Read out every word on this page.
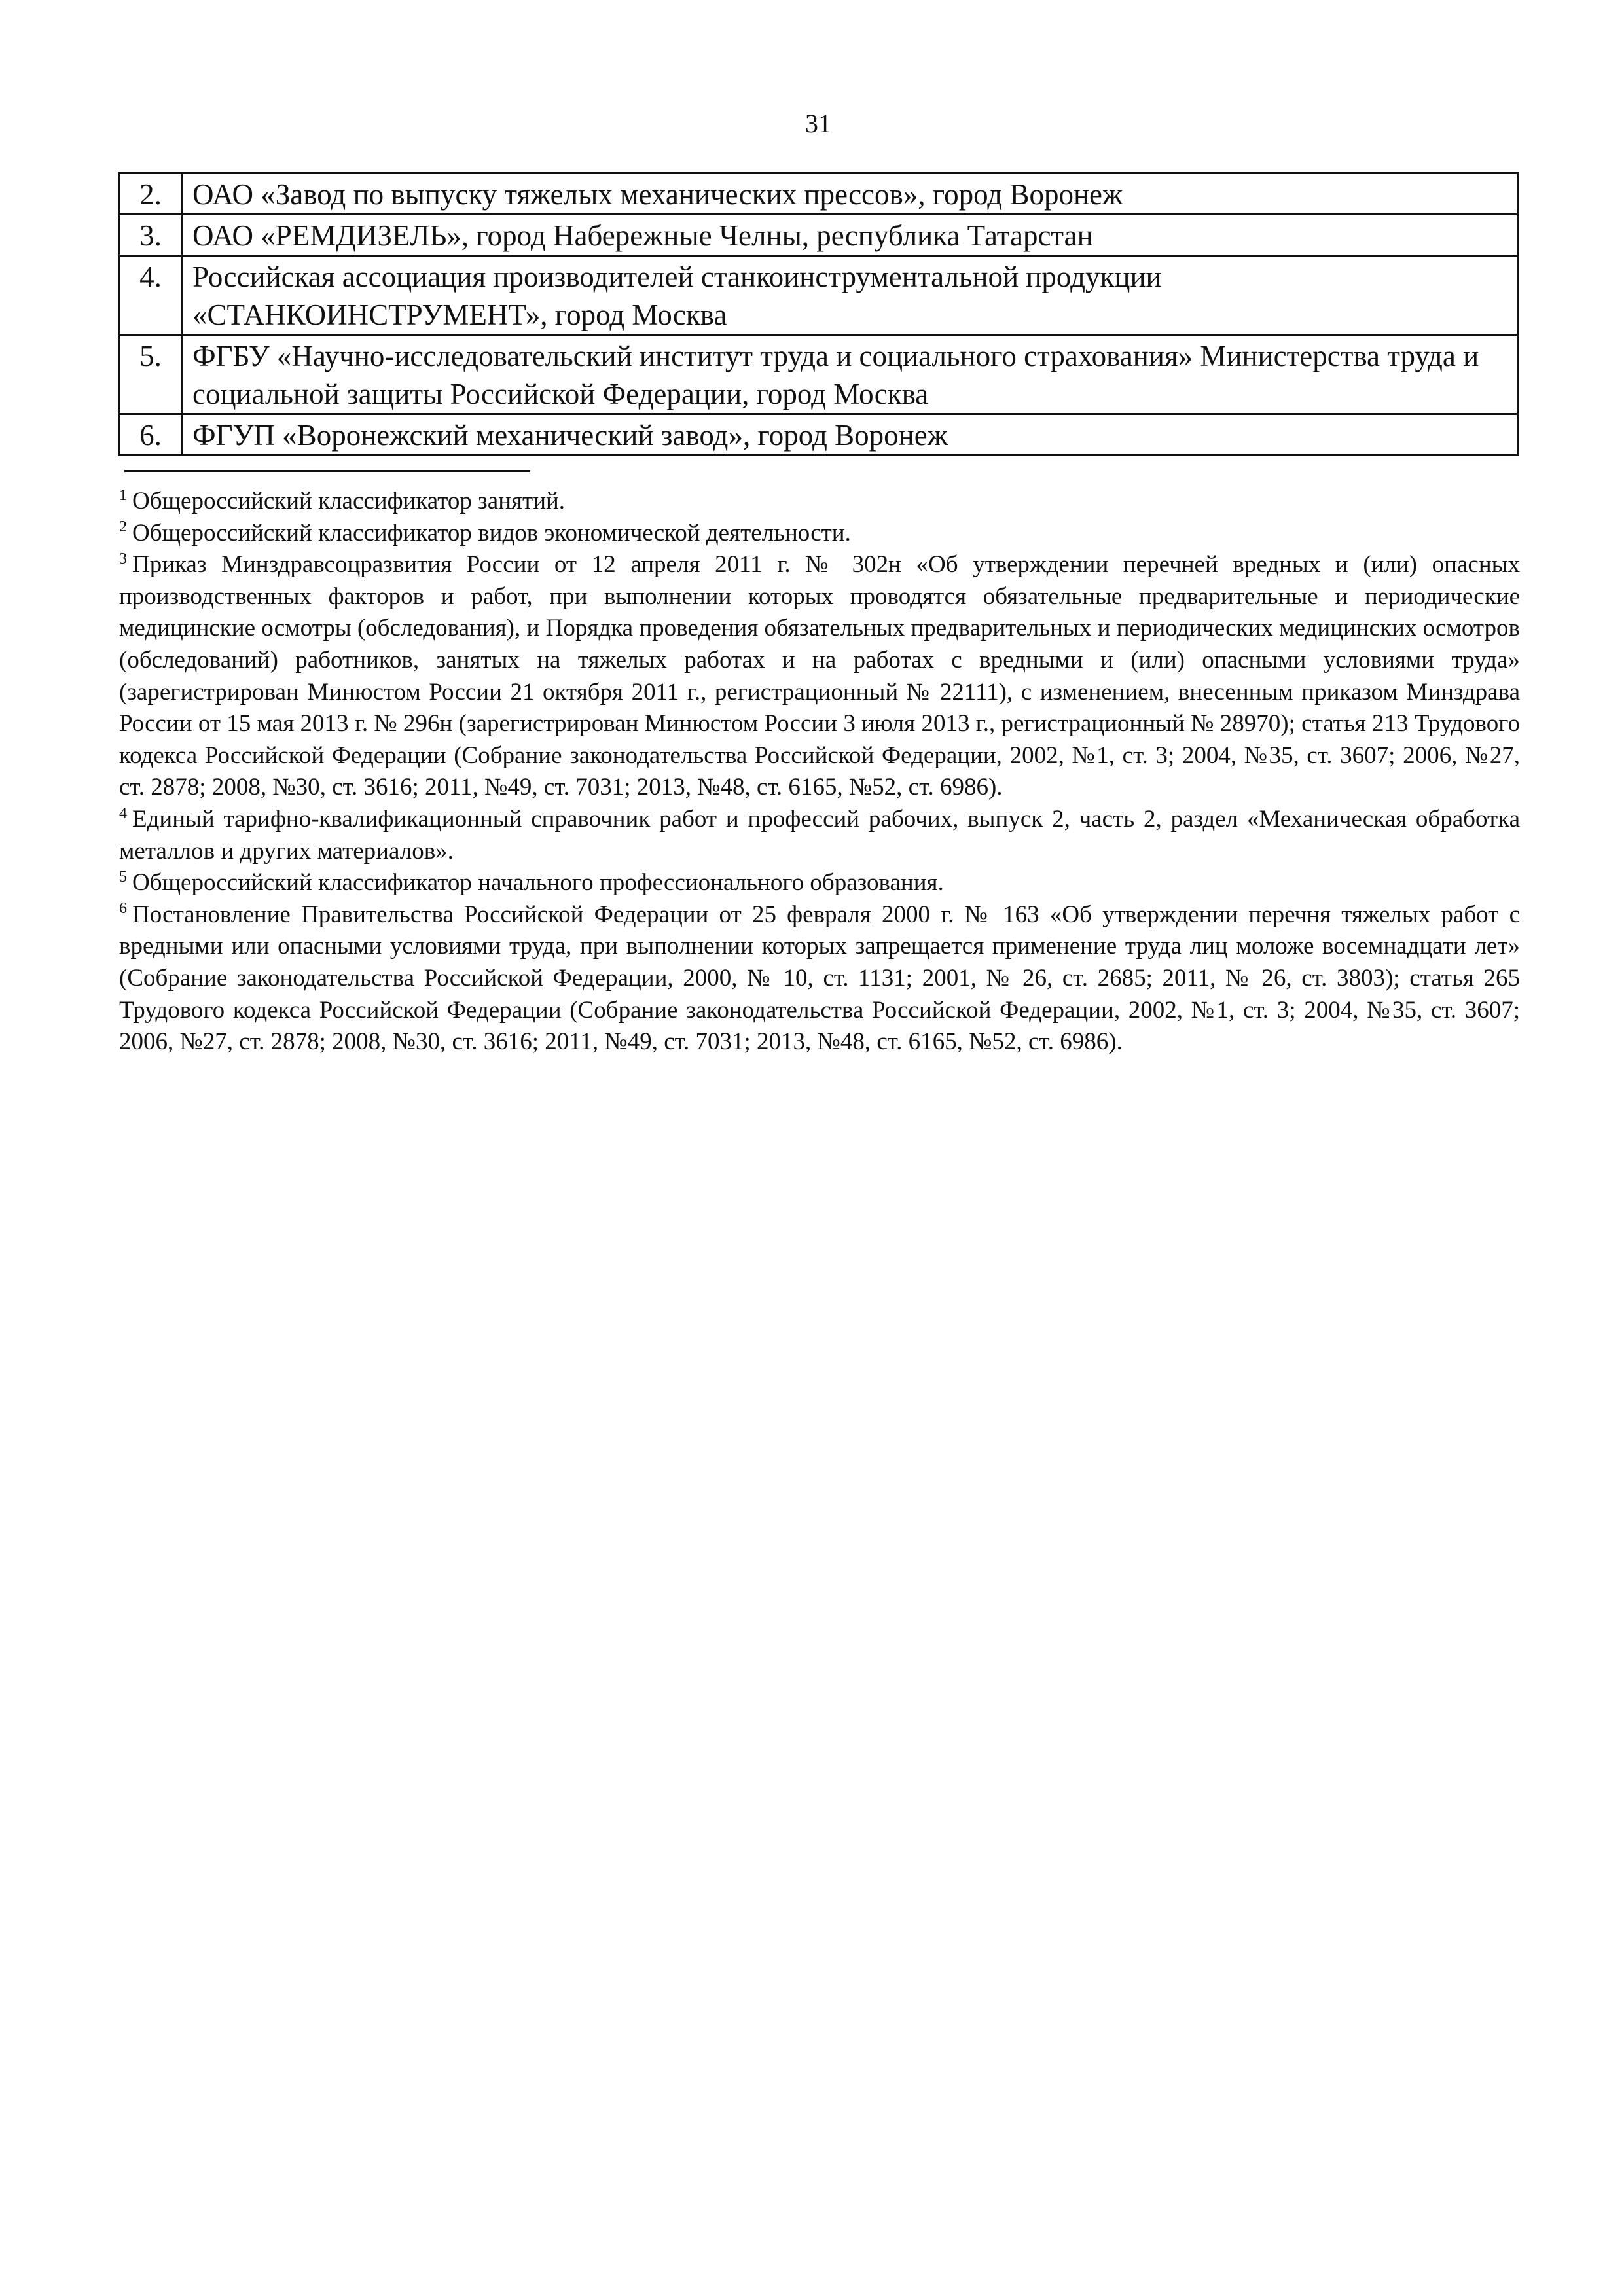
31
2.	ОАО «Завод по выпуску тяжелых механических прессов», город Воронеж
3.	ОАО «РЕМДИЗЕЛЬ», город Набережные Челны, республика Татарстан
4.	Российская ассоциация производителей станкоинструментальной продукции «СТАНКОИНСТРУМЕНТ», город Москва
5.	ФГБУ «Научно-исследовательский институт труда и социального страхования» Министерства труда и социальной защиты Российской Федерации, город Москва
6.	ФГУП «Воронежский механический завод», город Воронеж

$^1$ Общероссийский классификатор занятий.

$^2$ Общероссийский классификатор видов экономической деятельности.

$^3$ Приказ Минздравсоцразвития России от 12 апреля 2011 г. № 302н «Об утверждении перечней вредных и (или) опасных производственных факторов и работ, при выполнении которых проводятся обязательные предварительные и периодические медицинские осмотры (обследования), и Порядка проведения обязательных предварительных и периодических медицинских осмотров (обследований) работников, занятых на тяжелых работах и на работах с вредными и (или) опасными условиями труда» (зарегистрирован Минюстом России 21 октября 2011 г., регистрационный № 22111), с изменением, внесенным приказом Минздрава России от 15 мая 2013 г. № 296н (зарегистрирован Минюстом России 3 июля 2013 г., регистрационный № 28970); статья 213 Трудового кодекса Российской Федерации (Собрание законодательства Российской Федерации, 2002, №1, ст. 3; 2004, №35, ст. 3607; 2006, №27, ст. 2878; 2008, №30, ст. 3616; 2011, №49, ст. 7031; 2013, №48, ст. 6165, №52, ст. 6986).

$^4$ Единый тарифно-квалификационный справочник работ и профессий рабочих, выпуск 2, часть 2, раздел «Механическая обработка металлов и других материалов».

$^5$ Общероссийский классификатор начального профессионального образования.

$^6$ Постановление Правительства Российской Федерации от 25 февраля 2000 г. № 163 «Об утверждении перечня тяжелых работ с вредными или опасными условиями труда, при выполнении которых запрещается применение труда лиц моложе восемнадцати лет» (Собрание законодательства Российской Федерации, 2000, № 10, ст. 1131; 2001, № 26, ст. 2685; 2011, № 26, ст. 3803); статья 265 Трудового кодекса Российской Федерации (Собрание законодательства Российской Федерации, 2002, №1, ст. 3; 2004, №35, ст. 3607; 2006, №27, ст. 2878; 2008, №30, ст. 3616; 2011, №49, ст. 7031; 2013, №48, ст. 6165, №52, ст. 6986).
